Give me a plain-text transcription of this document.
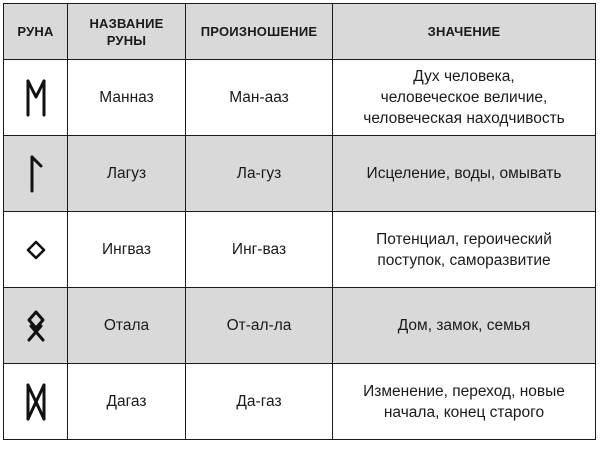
РУНА	НАЗВАНИЕ РУНЫ	ПРОИЗНОШЕНИЕ	ЗНАЧЕНИЕ

	Манназ	Ман-ааз	Дух человека,
человеческое величие,
человеческая находчивость

	Лагуз	Ла-гуз	Исцеление, воды, омывать

	Ингваз	Инг-ваз	Потенциал, героический
поступок, саморазвитие

	Отала	От-ал-ла	Дом, замок, семья

	Дагаз	Да-газ	Изменение, переход, новые
начала, конец старого
